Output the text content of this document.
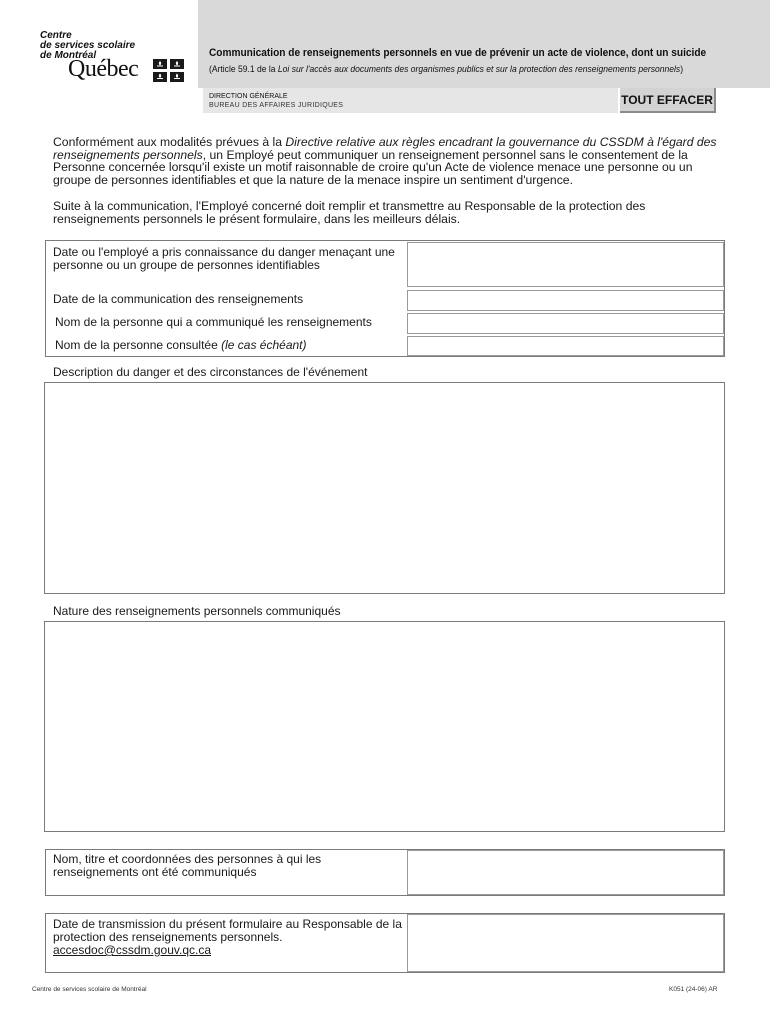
Centre
de services scolaire
de Montréal
Québec
Communication de renseignements personnels en vue de prévenir un acte de violence, dont un suicide
(Article 59.1 de la Loi sur l'accès aux documents des organismes publics et sur la protection des renseignements personnels)
DIRECTION GÉNÉRALE
BUREAU DES AFFAIRES JURIDIQUES	TOUT EFFACER
Conformément aux modalités prévues à la Directive relative aux règles encadrant la gouvernance du CSSDM à l'égard des renseignements personnels, un Employé peut communiquer un renseignement personnel sans le consentement de la Personne concernée lorsqu'il existe un motif raisonnable de croire qu'un Acte de violence menace une personne ou un groupe de personnes identifiables et que la nature de la menace inspire un sentiment d'urgence.
Suite à la communication, l'Employé concerné doit remplir et transmettre au Responsable de la protection des renseignements personnels le présent formulaire, dans les meilleurs délais.
Date ou l'employé a pris connaissance du danger menaçant une personne ou un groupe de personnes identifiables
Date de la communication des renseignements
Nom de la personne qui a communiqué les renseignements
Nom de la personne consultée (le cas échéant)
Description du danger et des circonstances de l'événement
Nature des renseignements personnels communiqués
Nom, titre et coordonnées des personnes à qui les renseignements ont été communiqués
Date de transmission du présent formulaire au Responsable de la protection des renseignements personnels.
accesdoc@cssdm.gouv.qc.ca
Centre de services scolaire de Montréal	K051 (24-06) AR
